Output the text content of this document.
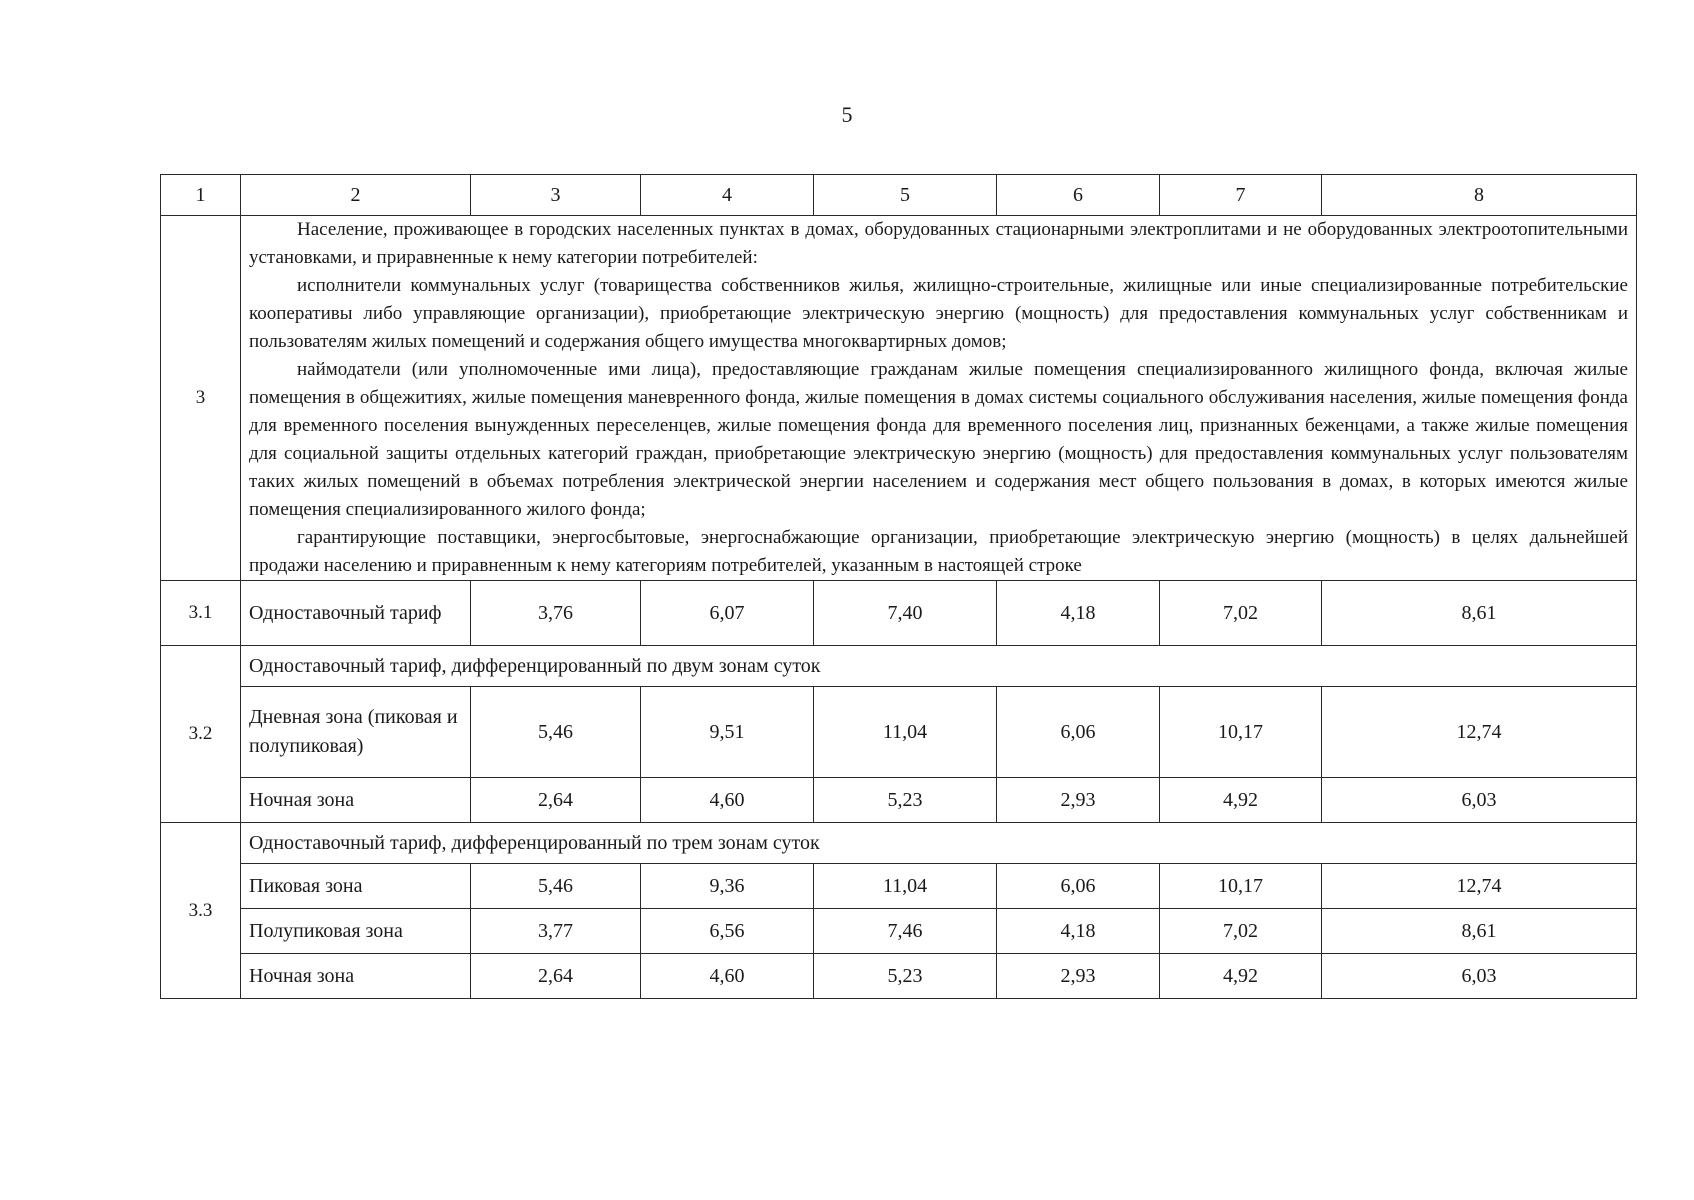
5
1	2	3	4	5	6	7	8
3	Население, проживающее в городских населенных пунктах в домах, оборудованных стационарными электроплитами и не оборудованных электроотопительными установками, и приравненные к нему категории потребителей:

исполнители коммунальных услуг (товарищества собственников жилья, жилищно-строительные, жилищные или иные специализированные потребительские кооперативы либо управляющие организации), приобретающие электрическую энергию (мощность) для предоставления коммунальных услуг собственникам и пользователям жилых помещений и содержания общего имущества многоквартирных домов;

наймодатели (или уполномоченные ими лица), предоставляющие гражданам жилые помещения специализированного жилищного фонда, включая жилые помещения в общежитиях, жилые помещения маневренного фонда, жилые помещения в домах системы социального обслуживания населения, жилые помещения фонда для временного поселения вынужденных переселенцев, жилые помещения фонда для временного поселения лиц, признанных беженцами, а также жилые помещения для социальной защиты отдельных категорий граждан, приобретающие электрическую энергию (мощность) для предоставления коммунальных услуг пользователям таких жилых помещений в объемах потребления электрической энергии населением и содержания мест общего пользования в домах, в которых имеются жилые помещения специализированного жилого фонда;

гарантирующие поставщики, энергосбытовые, энергоснабжающие организации, приобретающие электрическую энергию (мощность) в целях дальнейшей продажи населению и приравненным к нему категориям потребителей, указанным в настоящей строке						

3.1	Одноставочный тариф	3,76	6,07	7,40	4,18	7,02	8,61
3.2	Одноставочный тариф, дифференцированный по двум зонам суток						
	Дневная зона (пиковая и полупиковая)	5,46	9,51	11,04	6,06	10,17	12,74
	Ночная зона	2,64	4,60	5,23	2,93	4,92	6,03
3.3	Одноставочный тариф, дифференцированный по трем зонам суток						
	Пиковая зона	5,46	9,36	11,04	6,06	10,17	12,74
	Полупиковая зона	3,77	6,56	7,46	4,18	7,02	8,61
	Ночная зона	2,64	4,60	5,23	2,93	4,92	6,03
